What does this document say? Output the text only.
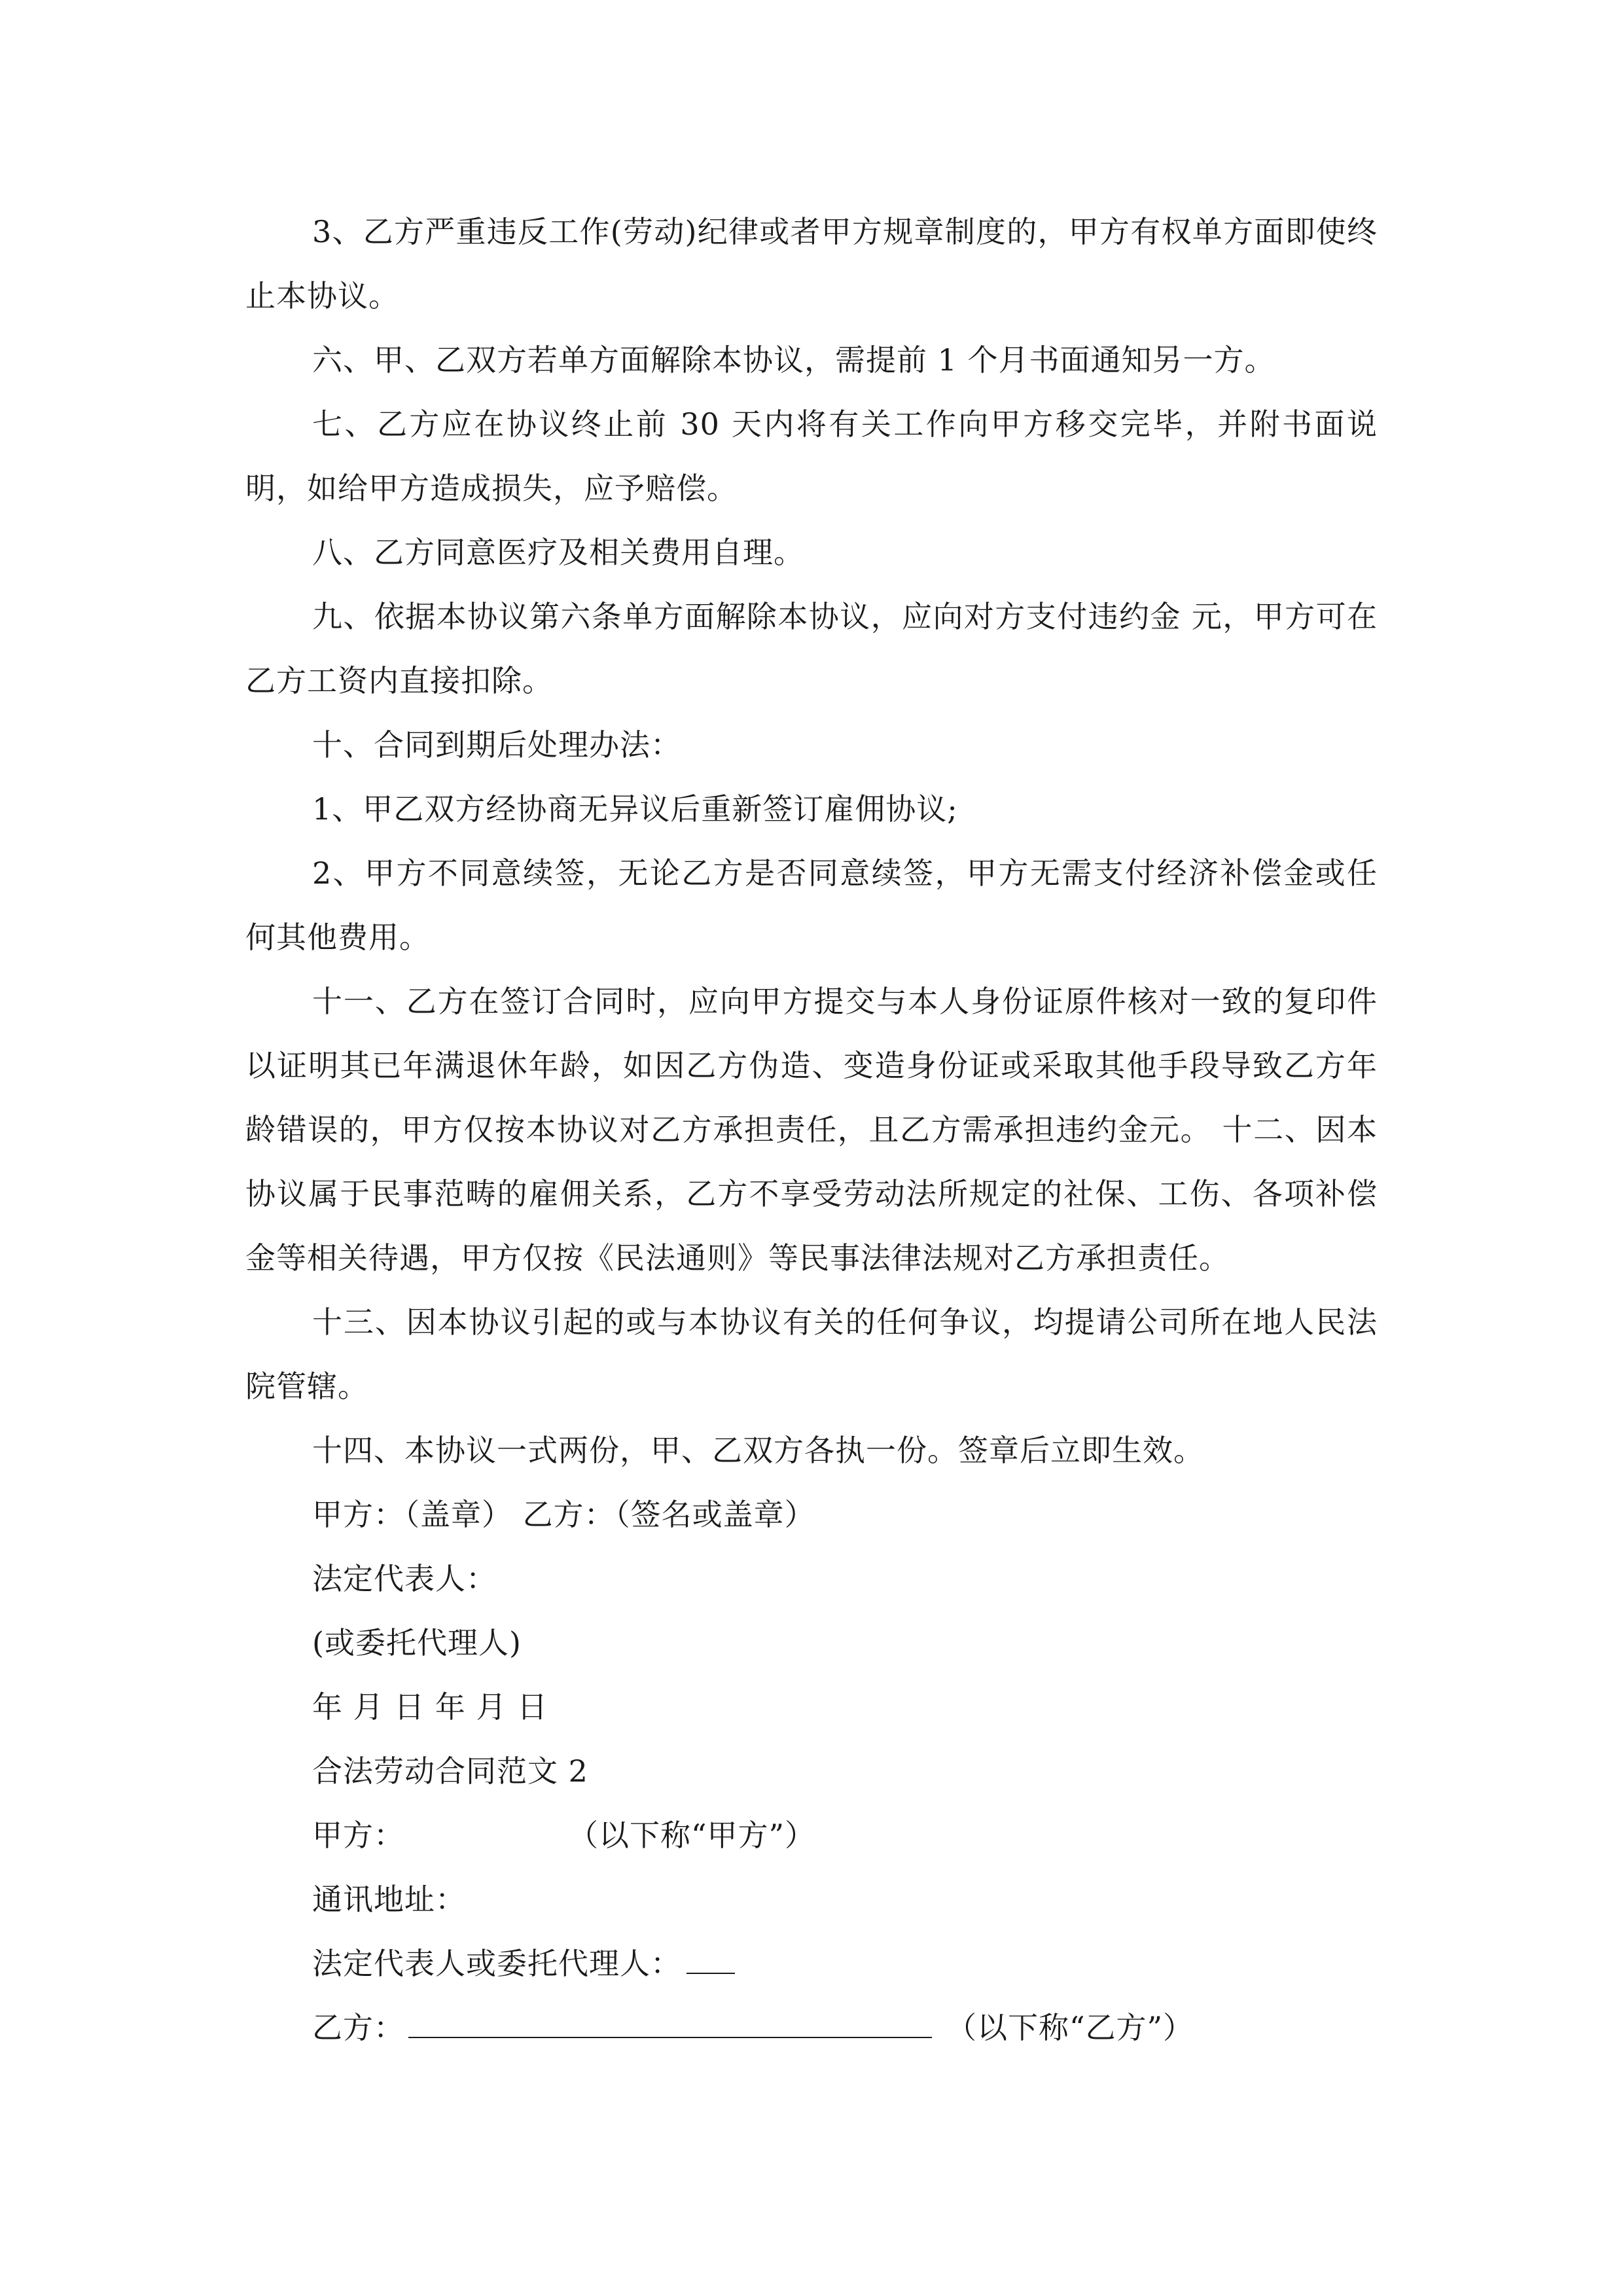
3、乙方严重违反工作(劳动)纪律或者甲方规章制度的，甲方有权单方面即使终止本协议。

六、甲、乙双方若单方面解除本协议，需提前 1 个月书面通知另一方。

七、乙方应在协议终止前 30 天内将有关工作向甲方移交完毕，并附书面说明，如给甲方造成损失，应予赔偿。

八、乙方同意医疗及相关费用自理。

九、依据本协议第六条单方面解除本协议，应向对方支付违约金 元，甲方可在乙方工资内直接扣除。

十、合同到期后处理办法：

1、甲乙双方经协商无异议后重新签订雇佣协议;

2、甲方不同意续签，无论乙方是否同意续签，甲方无需支付经济补偿金或任何其他费用。

十一、乙方在签订合同时，应向甲方提交与本人身份证原件核对一致的复印件以证明其已年满退休年龄，如因乙方伪造、变造身份证或采取其他手段导致乙方年龄错误的，甲方仅按本协议对乙方承担责任，且乙方需承担违约金元。 十二、因本协议属于民事范畴的雇佣关系，乙方不享受劳动法所规定的社保、工伤、各项补偿金等相关待遇，甲方仅按《民法通则》等民事法律法规对乙方承担责任。

十三、因本协议引起的或与本协议有关的任何争议，均提请公司所在地人民法院管辖。

十四、本协议一式两份，甲、乙双方各执一份。签章后立即生效。

甲方：（盖章） 乙方：（签名或盖章）

法定代表人：

(或委托代理人)

年 月 日 年 月 日

合法劳动合同范文 2

甲方：	（以下称“甲方”）

通讯地址：

法定代表人或委托代理人：

乙方：	（以下称“乙方”）
